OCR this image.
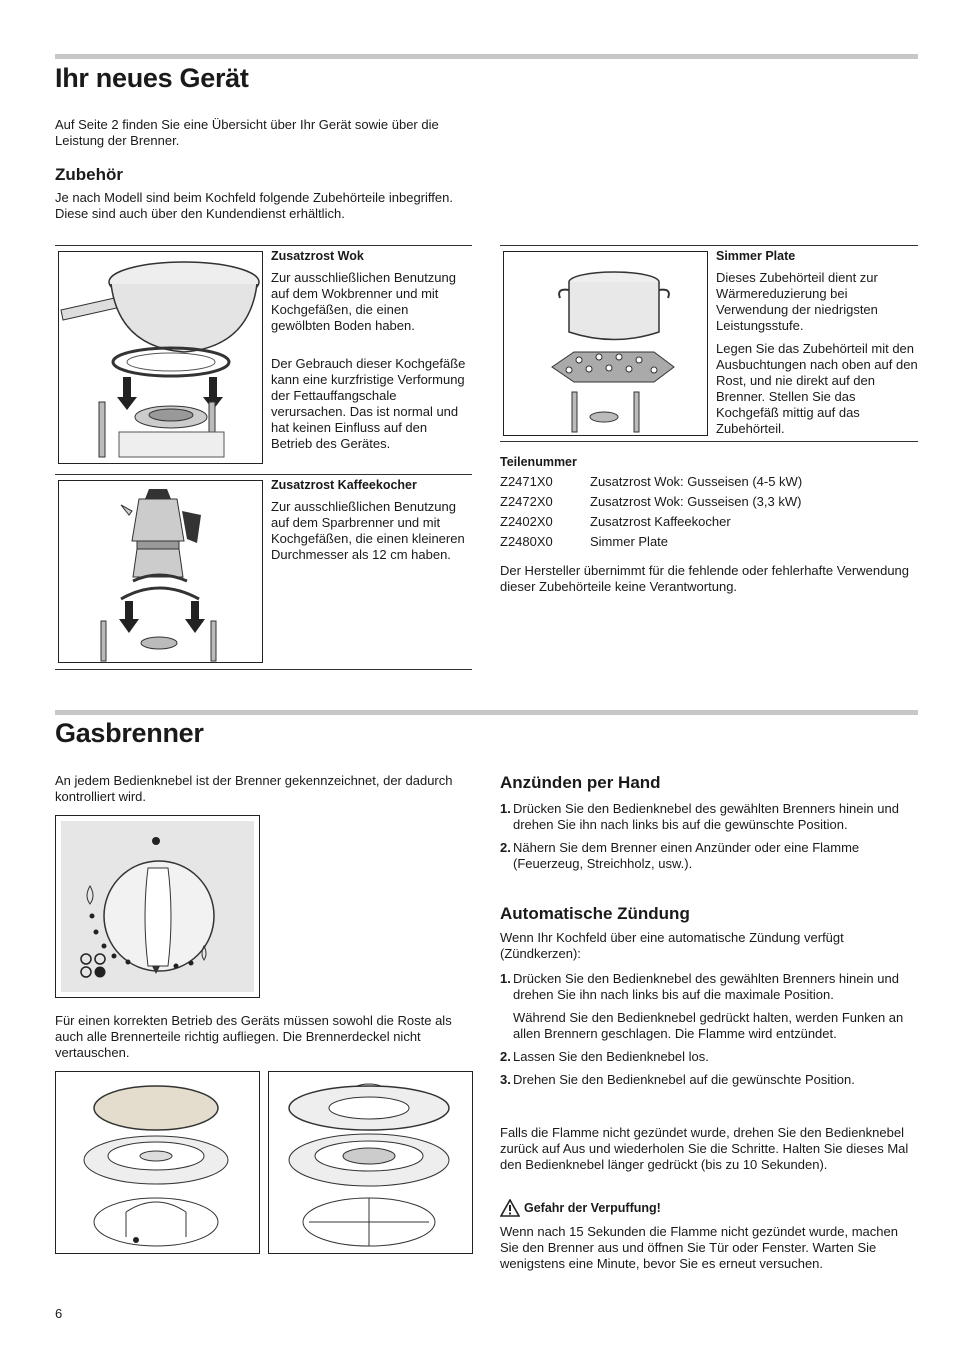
Ihr neues Gerät
Auf Seite 2 finden Sie eine Übersicht über Ihr Gerät sowie über die Leistung der Brenner.
Zubehör
Je nach Modell sind beim Kochfeld folgende Zubehörteile inbegriffen. Diese sind auch über den Kundendienst erhältlich.
Zusatzrost Wok
Zur ausschließlichen Benutzung auf dem Wokbrenner und mit Kochgefäßen, die einen gewölbten Boden haben.
Der Gebrauch dieser Kochgefäße kann eine kurzfristige Verformung der Fettauffangschale verursachen. Das ist normal und hat keinen Einfluss auf den Betrieb des Gerätes.
Zusatzrost Kaffeekocher
Zur ausschließlichen Benutzung auf dem Sparbrenner und mit Kochgefäßen, die einen kleineren Durchmesser als 12 cm haben.
Simmer Plate
Dieses Zubehörteil dient zur Wärmereduzierung bei Verwendung der niedrigsten Leistungsstufe.
Legen Sie das Zubehörteil mit den Ausbuchtungen nach oben auf den Rost, und nie direkt auf den Brenner. Stellen Sie das Kochgefäß mittig auf das Zubehörteil.
Teilenummer
Z2471X0	Zusatzrost Wok: Gusseisen (4-5 kW)
Z2472X0	Zusatzrost Wok: Gusseisen (3,3 kW)
Z2402X0	Zusatzrost Kaffeekocher
Z2480X0	Simmer Plate
Der Hersteller übernimmt für die fehlende oder fehlerhafte Verwendung dieser Zubehörteile keine Verantwortung.
Gasbrenner
An jedem Bedienknebel ist der Brenner gekennzeichnet, der dadurch kontrolliert wird.
Für einen korrekten Betrieb des Geräts müssen sowohl die Roste als auch alle Brennerteile richtig aufliegen. Die Brennerdeckel nicht vertauschen.
Anzünden per Hand
1. Drücken Sie den Bedienknebel des gewählten Brenners hinein und drehen Sie ihn nach links bis auf die gewünschte Position.
2. Nähern Sie dem Brenner einen Anzünder oder eine Flamme (Feuerzeug, Streichholz, usw.).
Automatische Zündung
Wenn Ihr Kochfeld über eine automatische Zündung verfügt (Zündkerzen):
1. Drücken Sie den Bedienknebel des gewählten Brenners hinein und drehen Sie ihn nach links bis auf die maximale Position.
Während Sie den Bedienknebel gedrückt halten, werden Funken an allen Brennern geschlagen. Die Flamme wird entzündet.
2. Lassen Sie den Bedienknebel los.
3. Drehen Sie den Bedienknebel auf die gewünschte Position.
Falls die Flamme nicht gezündet wurde, drehen Sie den Bedienknebel zurück auf Aus und wiederholen Sie die Schritte. Halten Sie dieses Mal den Bedienknebel länger gedrückt (bis zu 10 Sekunden).
Gefahr der Verpuffung!
Wenn nach 15 Sekunden die Flamme nicht gezündet wurde, machen Sie den Brenner aus und öffnen Sie Tür oder Fenster. Warten Sie wenigstens eine Minute, bevor Sie es erneut versuchen.
6
